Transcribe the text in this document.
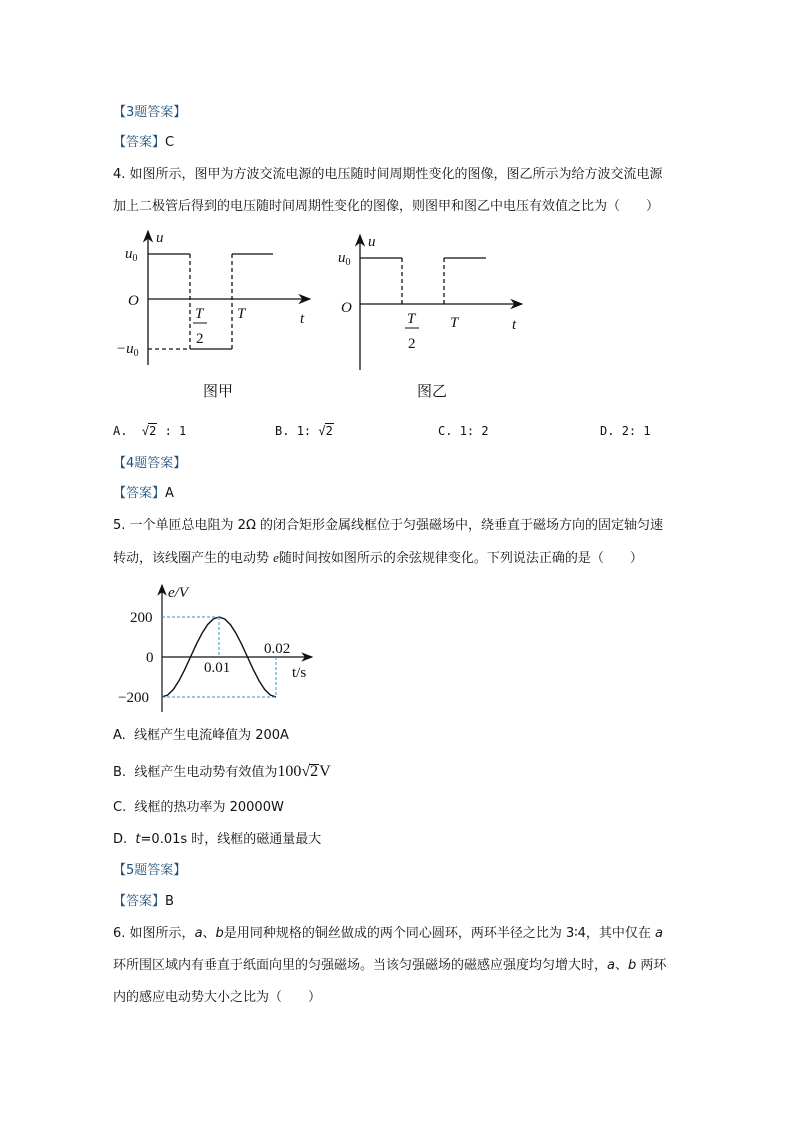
【3题答案】
【答案】C
4. 如图所示，图甲为方波交流电源的电压随时间周期性变化的图像，图乙所示为给方波交流电源
加上二极管后得到的电压随时间周期性变化的图像，则图甲和图乙中电压有效值之比为（　　）
u
$u_0$
O
$-u_0$
T
2
T	t
图甲
u
$u_0$
O
T
2
T	t
图乙
A.  √2 : 1	B. 1: √2	C. 1: 2	D. 2: 1
【4题答案】
【答案】A
5. 一个单匝总电阻为 2Ω 的闭合矩形金属线框位于匀强磁场中，绕垂直于磁场方向的固定轴匀速
转动，该线圈产生的电动势 e随时间按如图所示的余弦规律变化。下列说法正确的是（　　）
e/V
t/s
200
0
−200
0.01
0.02
A. 线框产生电流峰值为 200A
B. 线框产生电动势有效值为100√2V
C. 线框的热功率为 20000W
D. t=0.01s 时，线框的磁通量最大
【5题答案】
【答案】B
6. 如图所示，a、b是用同种规格的铜丝做成的两个同心圆环，两环半径之比为 3∶4，其中仅在 a
环所围区域内有垂直于纸面向里的匀强磁场。当该匀强磁场的磁感应强度均匀增大时，a、b 两环
内的感应电动势大小之比为（　　）
